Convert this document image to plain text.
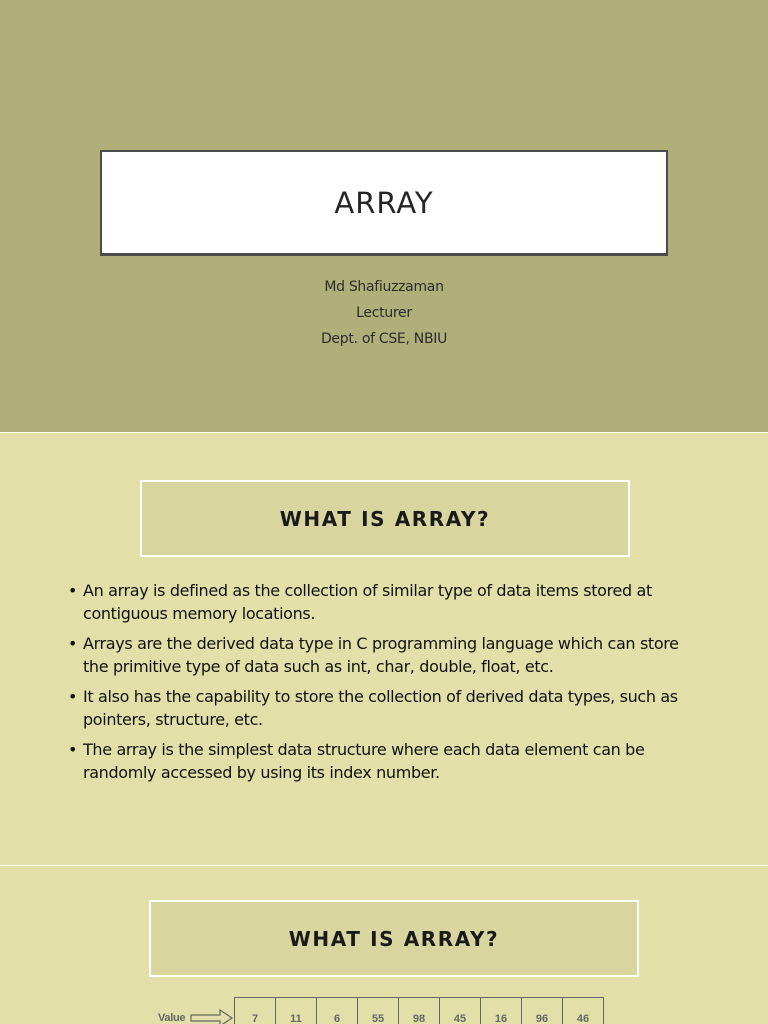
ARRAY
Md Shafiuzzaman
Lecturer
Dept. of CSE, NBIU
WHAT IS ARRAY?
• An array is defined as the collection of similar type of data items stored at contiguous memory locations.
• Arrays are the derived data type in C programming language which can store the primitive type of data such as int, char, double, float, etc.
• It also has the capability to store the collection of derived data types, such as pointers, structure, etc.
• The array is the simplest data structure where each data element can be randomly accessed by using its index number.
WHAT IS ARRAY?
Value	7	11	6	55	98	45	16	96	46
